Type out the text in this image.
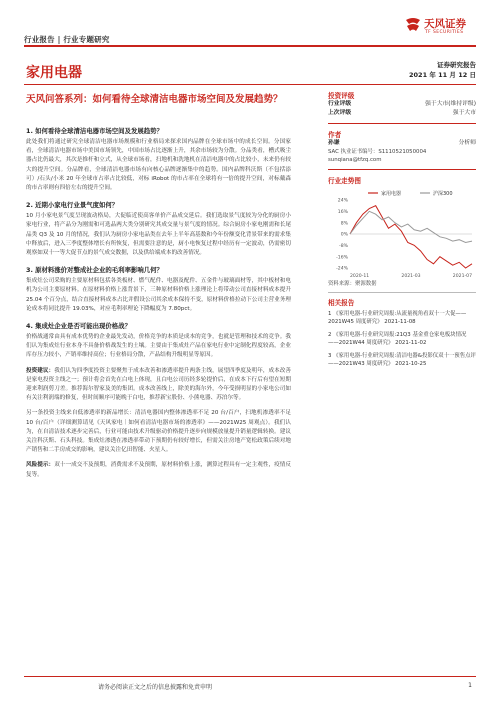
行业报告 | 行业专题研究
天风证券
TF SECURITIES
家用电器	证券研究报告
2021 年 11 月 12 日
天风问答系列：如何看待全球清洁电器市场空间及发展趋势？
1. 如何看待全球清洁电器市场空间及发展趋势？
此处我们将通过研究全球清洁电器市场规模和行业格局来探求国内品牌在全球市场中的成长空间。分国家看，全球清洁电器市场中美国市场领先，中国市场占比逐渐上升，其余市场较为分散。分品类看，槽式吸尘器占比仍最大，其次是推杆和立式，从全球市场看，扫地机和洗地机在清洁电器中的占比较小，未来仍有较大的提升空间。分品牌看，全球清洁电器市场有向核心品牌逐渐集中的趋势。国内品牌科沃斯（不包括添可）/石头/小米 20 年全球市占率占比较低，对标 iRobot 的市占率在全球将有一倍的提升空间，对标戴森的市占率则有四倍左右的提升空间。
2. 近期小家电行业景气度如何？
10 月小家电景气度呈现波动格局，大促临近使高客单价产品成交延后。我们选取景气度较为分化的厨房小家电行业，将产品分为刚需和可选品两大类分别研究其成交量与景气度的情况。综合厨房小家电刚需和长尾品类 Q3 及 10 月的情况，我们认为厨房小家电品类在去年上半年高基数和今年份额变化背景带来的需求集中释放后，进入三季度整体增长有所恢复，但需要注意的是，厨小电恢复过程中经历有一定波动，仍需密切观察如双十一等大促节点的景气成交数据，以及供给端成本的改善情况。
3. 原材料涨价对整成社企业的毛利率影响几何？
集成灶公司采购的主要原材料包括各类板材、燃气配件、电器及配件、五金件与玻璃面材等，其中板材和电机为公司主要原材料。在原材料价格上涨背景下，三种原材料价格上涨理论上将带动公司直接材料成本提升 25.04 个百分点，结合直接材料成本占比并假设公司其余成本保持不变，原材料价格拉动下公司主营业务理论成本将同比提升 19.03%，对应毛利率理论下降幅度为 7.80pct。
4. 集成灶企业是否可能出现价格战？
价格战通常由具有成本优势的企业最先发动，价格竞争的本质是成本的竞争，也就是管理和技术的竞争。我们认为集成灶行业本身不具备价格战发生的土壤。主要由于集成灶产品在家电行业中定制化程度较高，企业库存压力较小，产销率维持高位；行业格局分散，产品结构升级明显等原因。
投资建议：我们认为四季度投资主要聚焦于成本改善和渗透率提升两条主线，展望四季度及明年，成本改善是家电投资主线之一；预计将会首先在白电上体现，且白电公司历经多轮提价后，在成本下行后有望在短期迎来利润剪刀差。推荐海尔智家及美的集团。成本改善线上，除美的海尔外，今年受损明显的小家电公司如有关注利润端的修复，但时间顺序可能晚于白电，推荐新宝股份、小熊电器、苏泊尔等。
另一条投资主线来自低渗透率的新品增长：清洁电器国内整体渗透率不足 20 台/百户，扫地机渗透率不足 10 台/百户（详细测算请见《天风家电｜如何看清洁电器市场的渗透率》——2021W25 周观点）。我们认为，在自清洁技术逐步完善后，行业可能由技术升级驱动价格提升逐步向规模放量提升销量逻辑转换。建议关注科沃斯、石头科技。集成灶渗透在渗透率带动下预期仍有较好增长，但需关注房地产宽松政策后续对地产销售和二手房成交的影响，建议关注亿田智能、火星人。
风险提示：双十一成交不及预期，消费需求不及预期，原材料价格上涨，测算过程具有一定主观性，疫情反复等。
投资评级
行业评级	强于大市(维持评级)
上次评级	强于大市
作者
孙谦	分析师
SAC 执业证书编号：S1110521050004
sunqiana@tfzq.com
行业走势图
家用电器	沪深300
24%
16%
8%
0%
-8%
-16%
-24%
2020-11	2021-03	2021-07
资料来源：聚源数据
相关报告
1 《家用电器-行业研究周报:从流量视角看双十一大促——2021W45 周度研究》 2021-11-08
2 《家用电器-行业研究周报:21Q3 基金重仓家电板块情况——2021W44 周度研究》 2021-11-02
3 《家用电器-行业研究周报:清洁电器&投影仪双十一预售点评——2021W43 周度研究》 2021-10-25
请务必阅读正文之后的信息披露和免责申明	1
